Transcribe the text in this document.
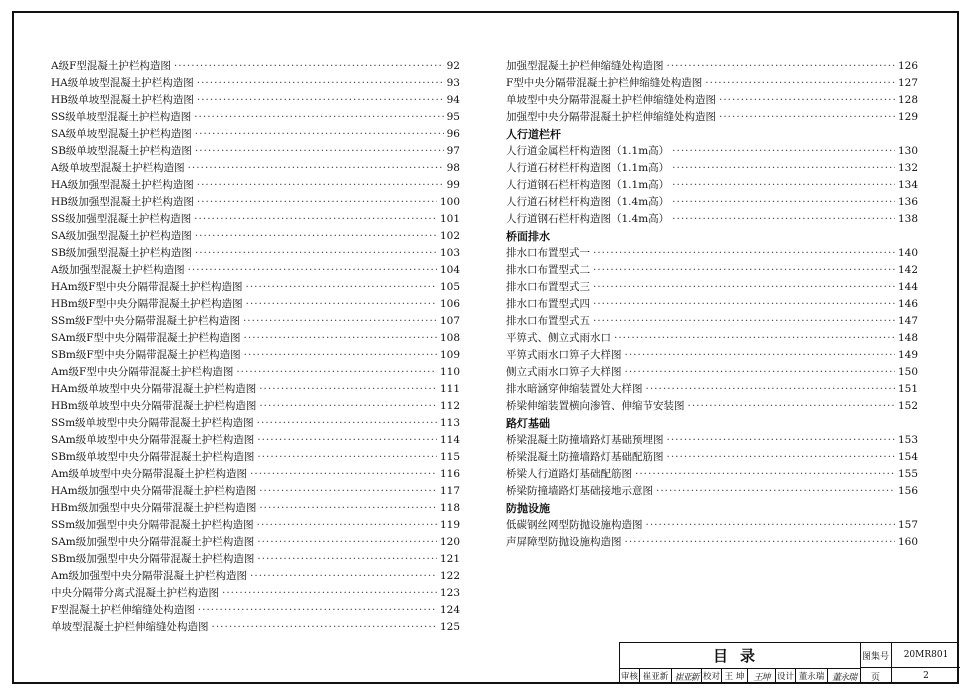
A级F型混凝土护栏构造图 ·····	92
HA级单坡型混凝土护栏构造图 ·····	93
HB级单坡型混凝土护栏构造图 ·····	94
SS级单坡型混凝土护栏构造图 ·····	95
SA级单坡型混凝土护栏构造图 ·····	96
SB级单坡型混凝土护栏构造图 ·····	97
A级单坡型混凝土护栏构造图 ·····	98
HA级加强型混凝土护栏构造图 ·····	99
HB级加强型混凝土护栏构造图 ·····	100
SS级加强型混凝土护栏构造图 ·····	101
SA级加强型混凝土护栏构造图 ·····	102
SB级加强型混凝土护栏构造图 ·····	103
A级加强型混凝土护栏构造图 ·····	104
HAm级F型中央分隔带混凝土护栏构造图 ·····	105
HBm级F型中央分隔带混凝土护栏构造图 ·····	106
SSm级F型中央分隔带混凝土护栏构造图 ·····	107
SAm级F型中央分隔带混凝土护栏构造图 ·····	108
SBm级F型中央分隔带混凝土护栏构造图 ·····	109
Am级F型中央分隔带混凝土护栏构造图 ·····	110
HAm级单坡型中央分隔带混凝土护栏构造图 ·····	111
HBm级单坡型中央分隔带混凝土护栏构造图 ·····	112
SSm级单坡型中央分隔带混凝土护栏构造图 ·····	113
SAm级单坡型中央分隔带混凝土护栏构造图 ·····	114
SBm级单坡型中央分隔带混凝土护栏构造图 ·····	115
Am级单坡型中央分隔带混凝土护栏构造图 ·····	116
HAm级加强型中央分隔带混凝土护栏构造图 ·····	117
HBm级加强型中央分隔带混凝土护栏构造图 ·····	118
SSm级加强型中央分隔带混凝土护栏构造图 ·····	119
SAm级加强型中央分隔带混凝土护栏构造图 ·····	120
SBm级加强型中央分隔带混凝土护栏构造图 ·····	121
Am级加强型中央分隔带混凝土护栏构造图 ·····	122
中央分隔带分离式混凝土护栏构造图 ·····	123
F型混凝土护栏伸缩缝处构造图 ·····	124
单坡型混凝土护栏伸缩缝处构造图 ·····	125
加强型混凝土护栏伸缩缝处构造图 ·····	126
F型中央分隔带混凝土护栏伸缩缝处构造图 ·····	127
单坡型中央分隔带混凝土护栏伸缩缝处构造图 ·····	128
加强型中央分隔带混凝土护栏伸缩缝处构造图 ·····	129
人行道栏杆
人行道金属栏杆构造图（1.1m高） ·····	130
人行道石材栏杆构造图（1.1m高） ·····	132
人行道钢石栏杆构造图（1.1m高） ·····	134
人行道石材栏杆构造图（1.4m高） ·····	136
人行道钢石栏杆构造图（1.4m高） ·····	138
桥面排水
排水口布置型式一 ·····	140
排水口布置型式二 ·····	142
排水口布置型式三 ·····	144
排水口布置型式四 ·····	146
排水口布置型式五 ·····	147
平箅式、侧立式雨水口 ·····	148
平箅式雨水口箅子大样图 ·····	149
侧立式雨水口箅子大样图 ·····	150
排水暗涵穿伸缩装置处大样图 ·····	151
桥梁伸缩装置横向渗管、伸缩节安装图 ·····	152
路灯基础
桥梁混凝土防撞墙路灯基础预埋图 ·····	153
桥梁混凝土防撞墙路灯基础配筋图 ·····	154
桥梁人行道路灯基础配筋图 ·····	155
桥梁防撞墙路灯基础接地示意图 ·····	156
防抛设施
低碳钢丝网型防抛设施构造图 ·····	157
声屏障型防抛设施构造图 ·····	160
目录	图集号	20MR801
审核 崔亚新 崔亚新 校对 王 坤	王坤 设计 董永瑞 董永瑞	页	2
